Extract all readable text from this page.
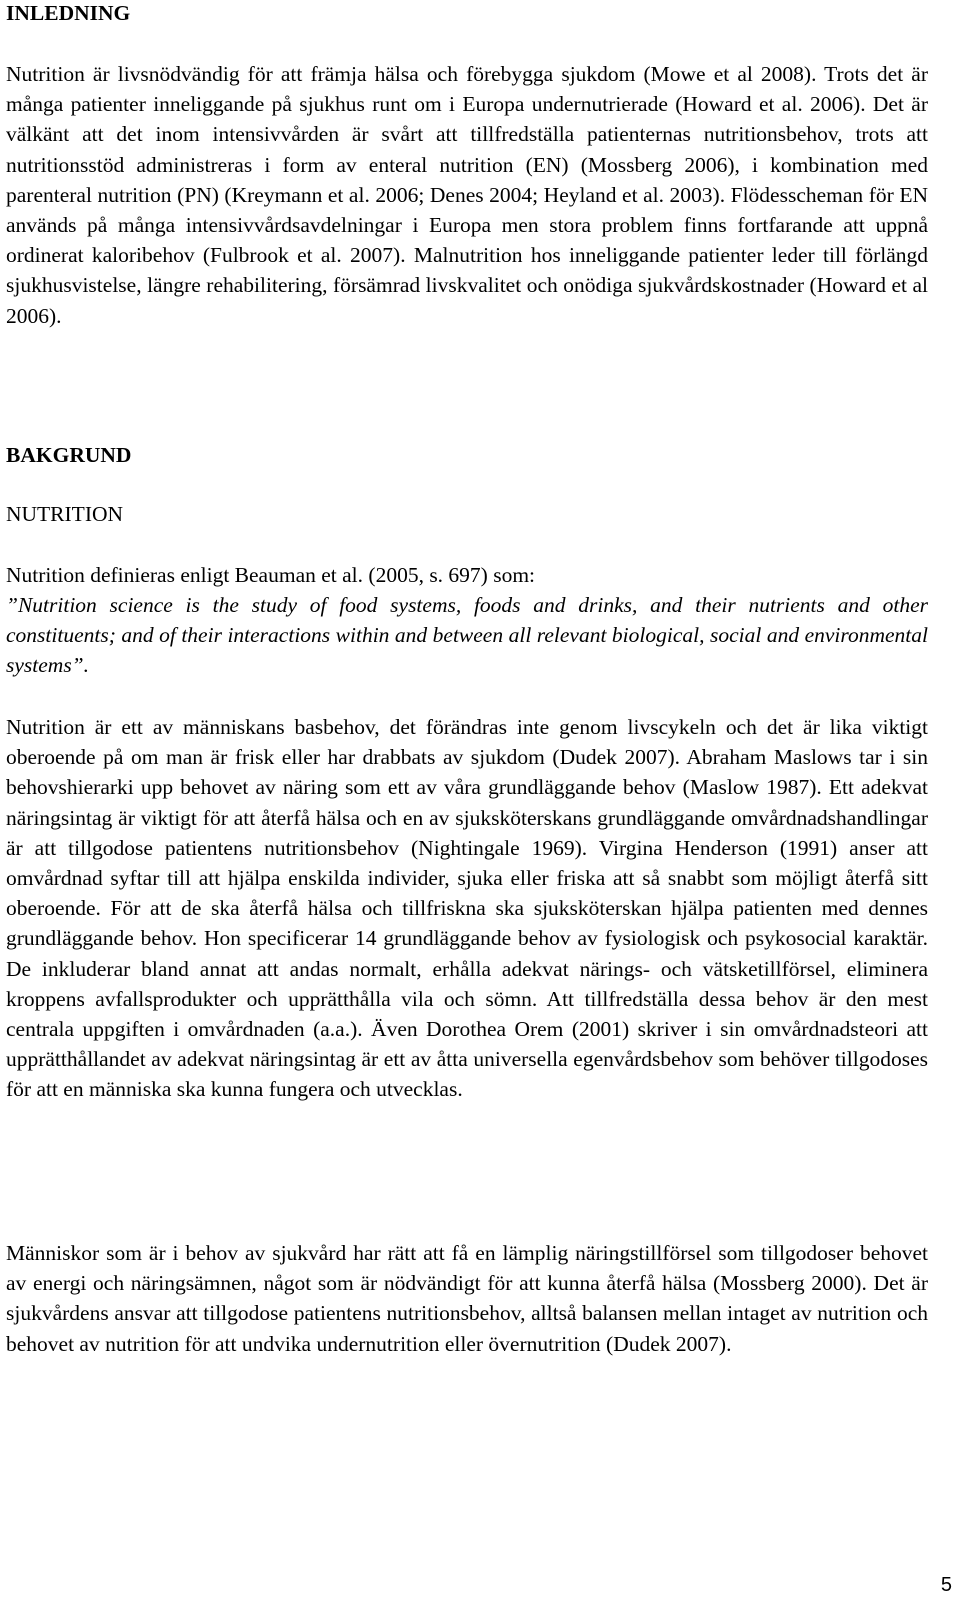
INLEDNING

Nutrition är livsnödvändig för att främja hälsa och förebygga sjukdom (Mowe et al 2008). Trots det är många patienter inneliggande på sjukhus runt om i Europa undernutrierade (Howard et al. 2006). Det är välkänt att det inom intensivvården är svårt att tillfredställa patienternas nutritionsbehov, trots att nutritionsstöd administreras i form av enteral nutrition (EN) (Mossberg 2006), i kombination med parenteral nutrition (PN) (Kreymann et al. 2006; Denes 2004; Heyland et al. 2003). Flödesscheman för EN används på många intensivvårdsavdelningar i Europa men stora problem finns fortfarande att uppnå ordinerat kaloribehov (Fulbrook et al. 2007). Malnutrition hos inneliggande patienter leder till förlängd sjukhusvistelse, längre rehabilitering, försämrad livskvalitet och onödiga sjukvårdskostnader (Howard et al 2006).

BAKGRUND
NUTRITION

Nutrition definieras enligt Beauman et al. (2005, s. 697) som:

”Nutrition science is the study of food systems, foods and drinks, and their nutrients and other constituents; and of their interactions within and between all relevant biological, social and environmental systems”.

Nutrition är ett av människans basbehov, det förändras inte genom livscykeln och det är lika viktigt oberoende på om man är frisk eller har drabbats av sjukdom (Dudek 2007). Abraham Maslows tar i sin behovshierarki upp behovet av näring som ett av våra grundläggande behov (Maslow 1987). Ett adekvat näringsintag är viktigt för att återfå hälsa och en av sjuksköterskans grundläggande omvårdnadshandlingar är att tillgodose patientens nutritionsbehov (Nightingale 1969). Virgina Henderson (1991) anser att omvårdnad syftar till att hjälpa enskilda individer, sjuka eller friska att så snabbt som möjligt återfå sitt oberoende. För att de ska återfå hälsa och tillfriskna ska sjuksköterskan hjälpa patienten med dennes grundläggande behov. Hon specificerar 14 grundläggande behov av fysiologisk och psykosocial karaktär. De inkluderar bland annat att andas normalt, erhålla adekvat närings- och vätsketillförsel, eliminera kroppens avfallsprodukter och upprätthålla vila och sömn. Att tillfredställa dessa behov är den mest centrala uppgiften i omvårdnaden (a.a.). Även Dorothea Orem (2001) skriver i sin omvårdnadsteori att upprätthållandet av adekvat näringsintag är ett av åtta universella egenvårdsbehov som behöver tillgodoses för att en människa ska kunna fungera och utvecklas.

Människor som är i behov av sjukvård har rätt att få en lämplig näringstillförsel som tillgodoser behovet av energi och näringsämnen, något som är nödvändigt för att kunna återfå hälsa (Mossberg 2000). Det är sjukvårdens ansvar att tillgodose patientens nutritionsbehov, alltså balansen mellan intaget av nutrition och behovet av nutrition för att undvika undernutrition eller övernutrition (Dudek 2007).

5
